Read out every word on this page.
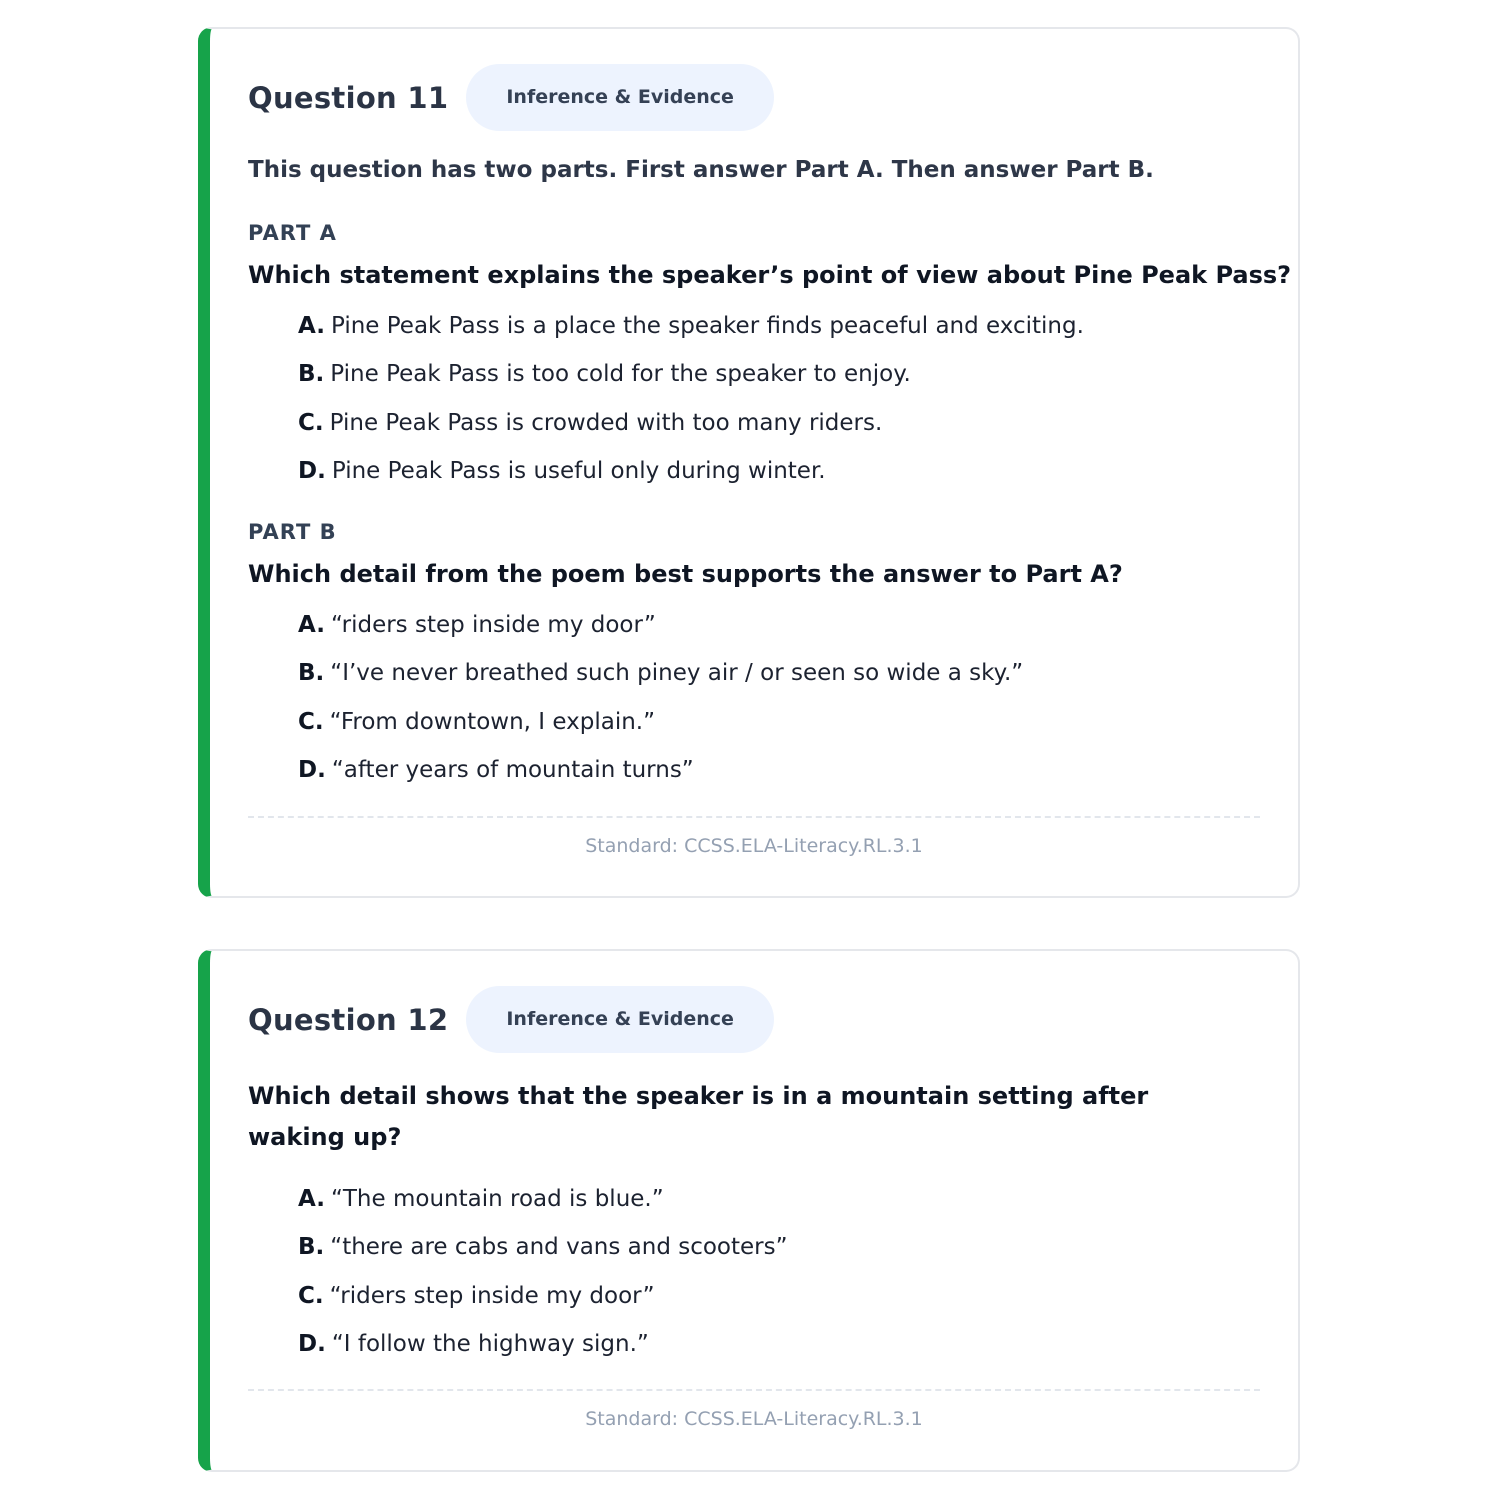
Question 11	Inference & Evidence
This question has two parts. First answer Part A. Then answer Part B.
PART A
Which statement explains the speaker’s point of view about Pine Peak Pass?
A. Pine Peak Pass is a place the speaker finds peaceful and exciting.
B. Pine Peak Pass is too cold for the speaker to enjoy.
C. Pine Peak Pass is crowded with too many riders.
D. Pine Peak Pass is useful only during winter.
PART B
Which detail from the poem best supports the answer to Part A?
A. “riders step inside my door”
B. “I’ve never breathed such piney air / or seen so wide a sky.”
C. “From downtown, I explain.”
D. “after years of mountain turns”
Standard: CCSS.ELA-Literacy.RL.3.1
Question 12	Inference & Evidence
Which detail shows that the speaker is in a mountain setting after waking up?
A. “The mountain road is blue.”
B. “there are cabs and vans and scooters”
C. “riders step inside my door”
D. “I follow the highway sign.”
Standard: CCSS.ELA-Literacy.RL.3.1
